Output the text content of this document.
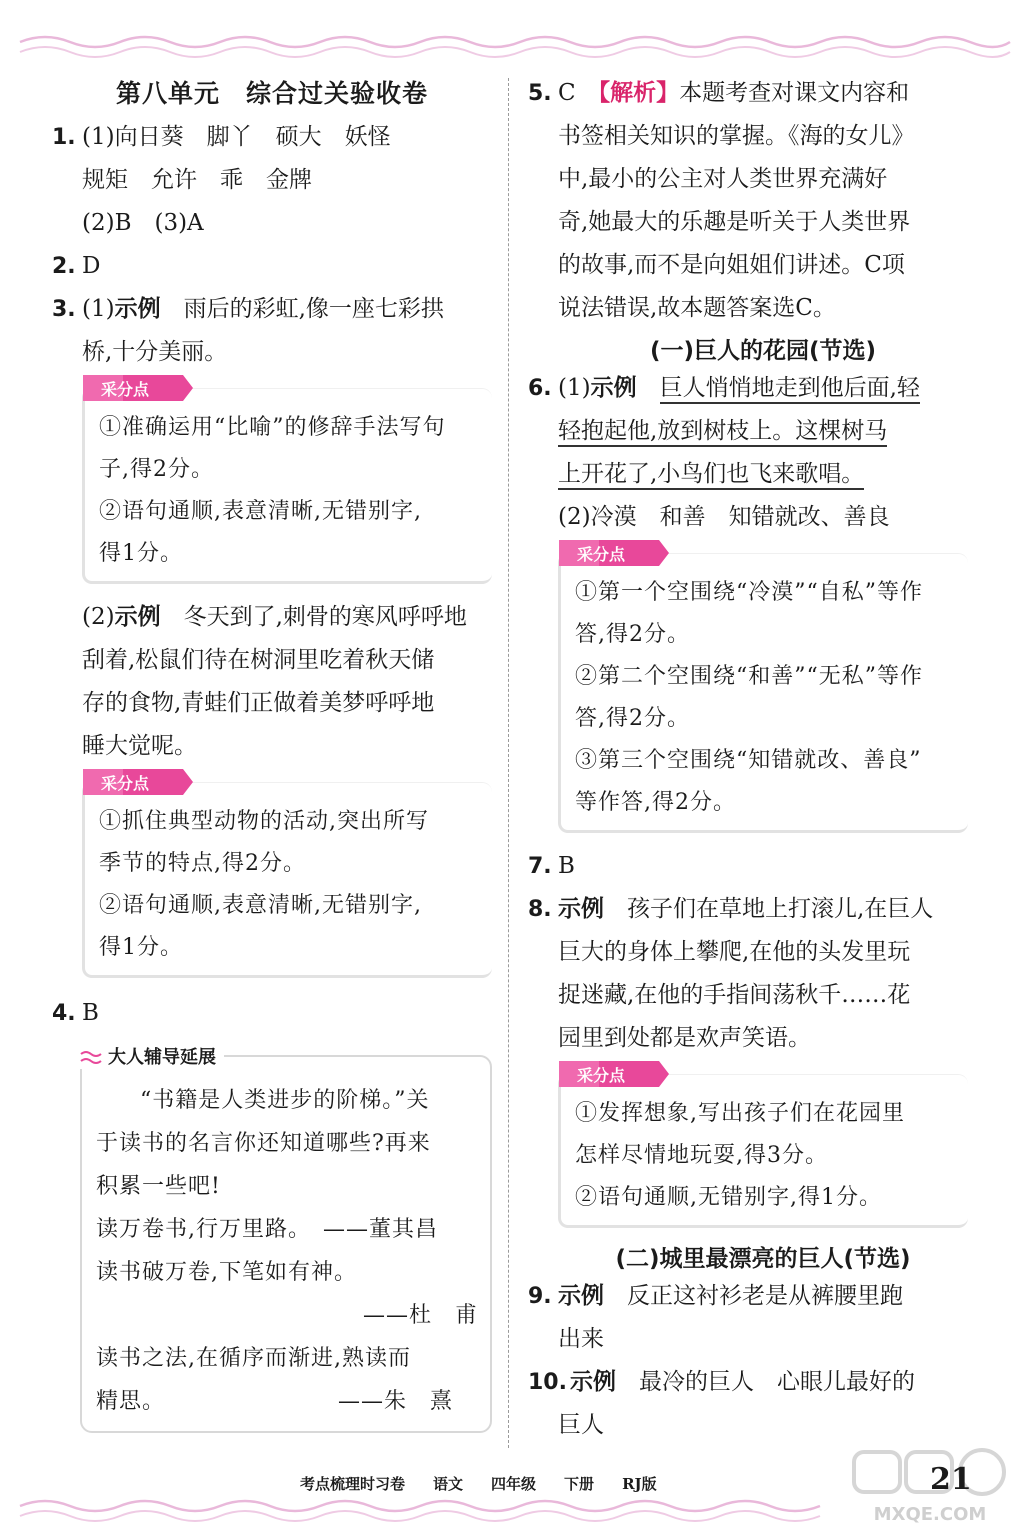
第八单元 综合过关验收卷
1. (1)向日葵　脚丫　硕大　妖怪
规矩　允许　乖　金牌
(2)B　(3)A
2. D
3. (1)示例　 雨后的彩虹,像一座七彩拱
桥,十分美丽。
采分点
①准确运用“比喻”的修辞手法写句
子,得2分。
②语句通顺,表意清晰,无错别字,
得1分。
(2)示例　 冬天到了,刺骨的寒风呼呼地
刮着,松鼠们待在树洞里吃着秋天储
存的食物,青蛙们正做着美梦呼呼地
睡大觉呢。
采分点
①抓住典型动物的活动,突出所写
季节的特点,得2分。
②语句通顺,表意清晰,无错别字,
得1分。
4. B
大人辅导延展
“书籍是人类进步的阶梯。”关
于读书的名言你还知道哪些?再来
积累一些吧!
读万卷书,行万里路。　——董其昌
读书破万卷,下笔如有神。
——杜　甫
读书之法,在循序而渐进,熟读而
精思。　　　　　　　　——朱　熹
5. C　 【解析】本题考查对课文内容和
书签相关知识的掌握。《海的女儿》
中,最小的公主对人类世界充满好
奇,她最大的乐趣是听关于人类世界
的故事,而不是向姐姐们讲述。C项
说法错误,故本题答案选C。
(一)巨人的花园(节选)
6. (1)示例　 巨人悄悄地走到他后面,轻
轻抱起他,放到树枝上。这棵树马
上开花了,小鸟们也飞来歌唱。
(2)冷漠　和善　知错就改、善良
采分点
①第一个空围绕“冷漠”“自私”等作
答,得2分。
②第二个空围绕“和善”“无私”等作
答,得2分。
③第三个空围绕“知错就改、善良”
等作答,得2分。
7. B
8. 示例　 孩子们在草地上打滚儿,在巨人
巨大的身体上攀爬,在他的头发里玩
捉迷藏,在他的手指间荡秋千……花
园里到处都是欢声笑语。
采分点
①发挥想象,写出孩子们在花园里
怎样尽情地玩耍,得3分。
②语句通顺,无错别字,得1分。
(二)城里最漂亮的巨人(节选)
9. 示例　 反正这衬衫老是从裤腰里跑
出来
10. 示例　 最冷的巨人　心眼儿最好的
巨人
考点梳理时习卷 语文 四年级 下册 RJ版
MXQE.COM
21
